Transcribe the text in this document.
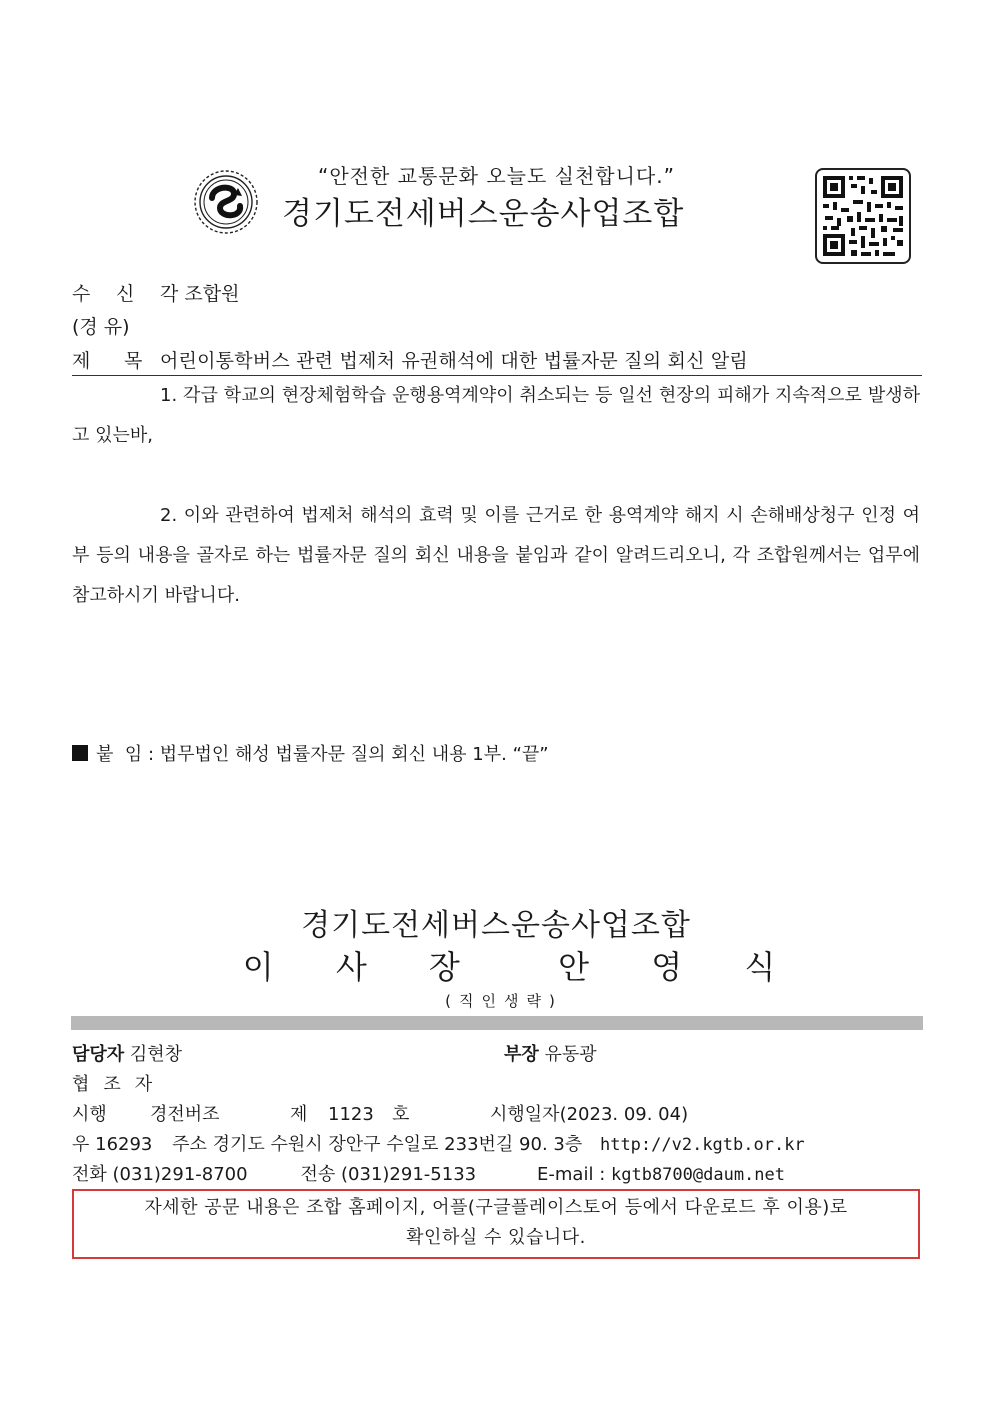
“안전한 교통문화 오늘도 실천합니다.”
경기도전세버스운송사업조합
수 신 각 조합원
(경 유)
제 목 어린이통학버스 관련 법제처 유권해석에 대한 법률자문 질의 회신 알림
1. 각급 학교의 현장체험학습 운행용역계약이 취소되는 등 일선 현장의 피해가 지속적으로 발생하고 있는바,
2. 이와 관련하여 법제처 해석의 효력 및 이를 근거로 한 용역계약 해지 시 손해배상청구 인정 여부 등의 내용을 골자로 하는 법률자문 질의 회신 내용을 붙임과 같이 알려드리오니, 각 조합원께서는 업무에 참고하시기 바랍니다.
붙  임 : 법무법인 해성 법률자문 질의 회신 내용 1부. “끝”
경기도전세버스운송사업조합
이 사 장 안 영 식
(직인생략)
담당자 김현창	부장 유동광
협조자
시행 경전버조	제 1123 호	시행일자(2023. 09. 04)
우 16293 주소 경기도 수원시 장안구 수일로 233번길 90. 3층 http://v2.kgtb.or.kr
전화 (031)291-8700	전송 (031)291-5133	E-mail : kgtb8700@daum.net
자세한 공문 내용은 조합 홈페이지, 어플(구글플레이스토어 등에서 다운로드 후 이용)로
확인하실 수 있습니다.
